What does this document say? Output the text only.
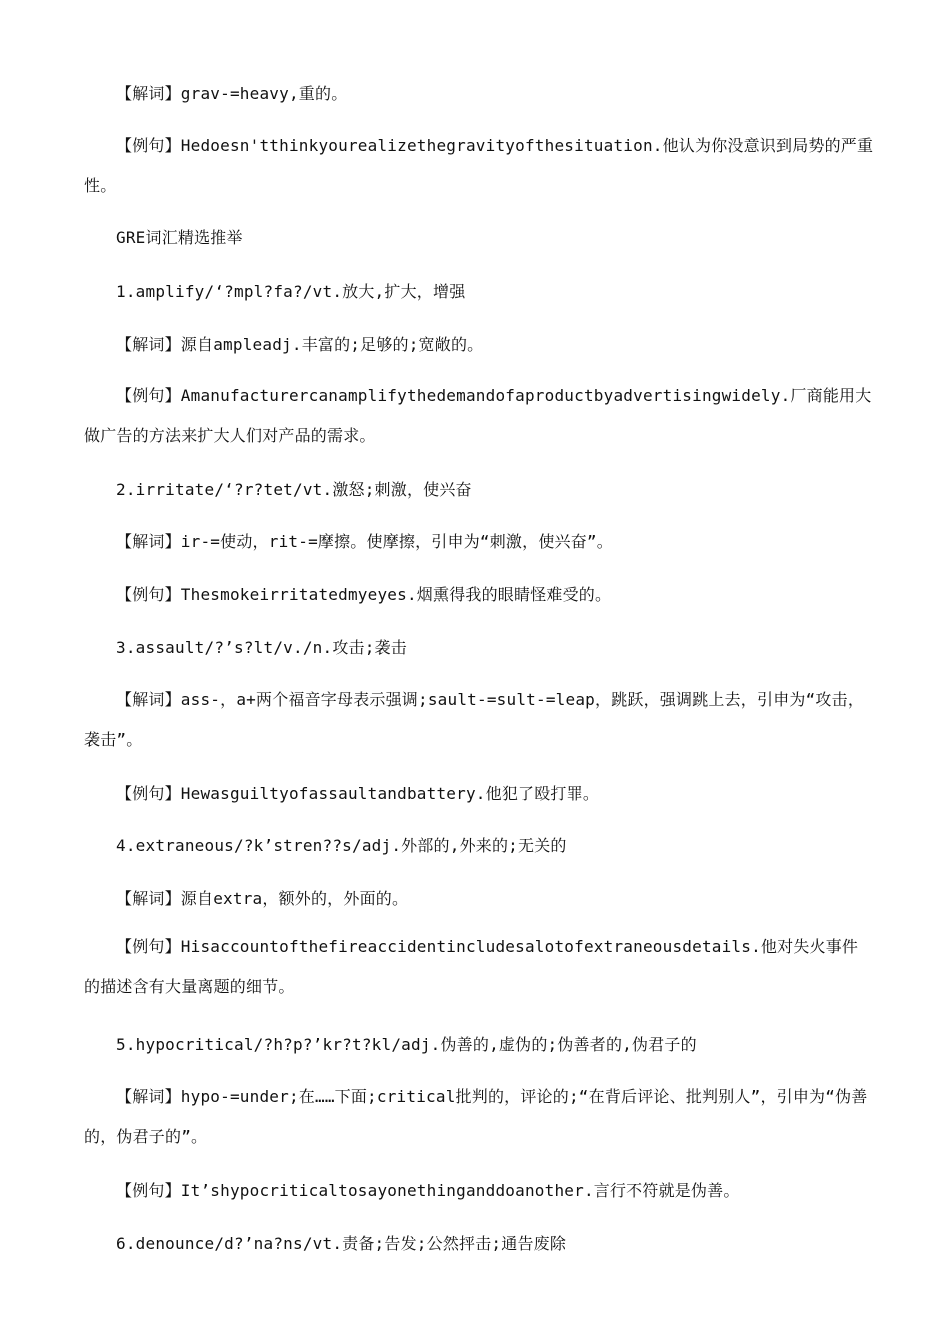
【解词】grav-=heavy,重的。
【例句】Hedoesn'tthinkyourealizethegravityofthesituation.他认为你没意识到局势的严重性。
GRE词汇精选推举
1.amplify/‘?mpl?fa?/vt.放大,扩大，增强
【解词】源自ampleadj.丰富的;足够的;宽敞的。
【例句】Amanufacturercanamplifythedemandofaproductbyadvertisingwidely.厂商能用大做广告的方法来扩大人们对产品的需求。
2.irritate/‘?r?tet/vt.激怒;刺激，使兴奋
【解词】ir-=使动，rit-=摩擦。使摩擦，引申为“刺激，使兴奋”。
【例句】Thesmokeirritatedmyeyes.烟熏得我的眼睛怪难受的。
3.assault/?’s?lt/v./n.攻击;袭击
【解词】ass-，a+两个福音字母表示强调;sault-=sult-=leap，跳跃，强调跳上去，引申为“攻击，袭击”。
【例句】Hewasguiltyofassaultandbattery.他犯了殴打罪。
4.extraneous/?k’stren??s/adj.外部的,外来的;无关的
【解词】源自extra，额外的，外面的。
【例句】Hisaccountofthefireaccidentincludesalotofextraneousdetails.他对失火事件的描述含有大量离题的细节。
5.hypocritical/?h?p?’kr?t?kl/adj.伪善的,虚伪的;伪善者的,伪君子的
【解词】hypo-=under;在……下面;critical批判的，评论的;“在背后评论、批判别人”，引申为“伪善的，伪君子的”。
【例句】It’shypocriticaltosayonethinganddoanother.言行不符就是伪善。
6.denounce/d?’na?ns/vt.责备;告发;公然抨击;通告废除
